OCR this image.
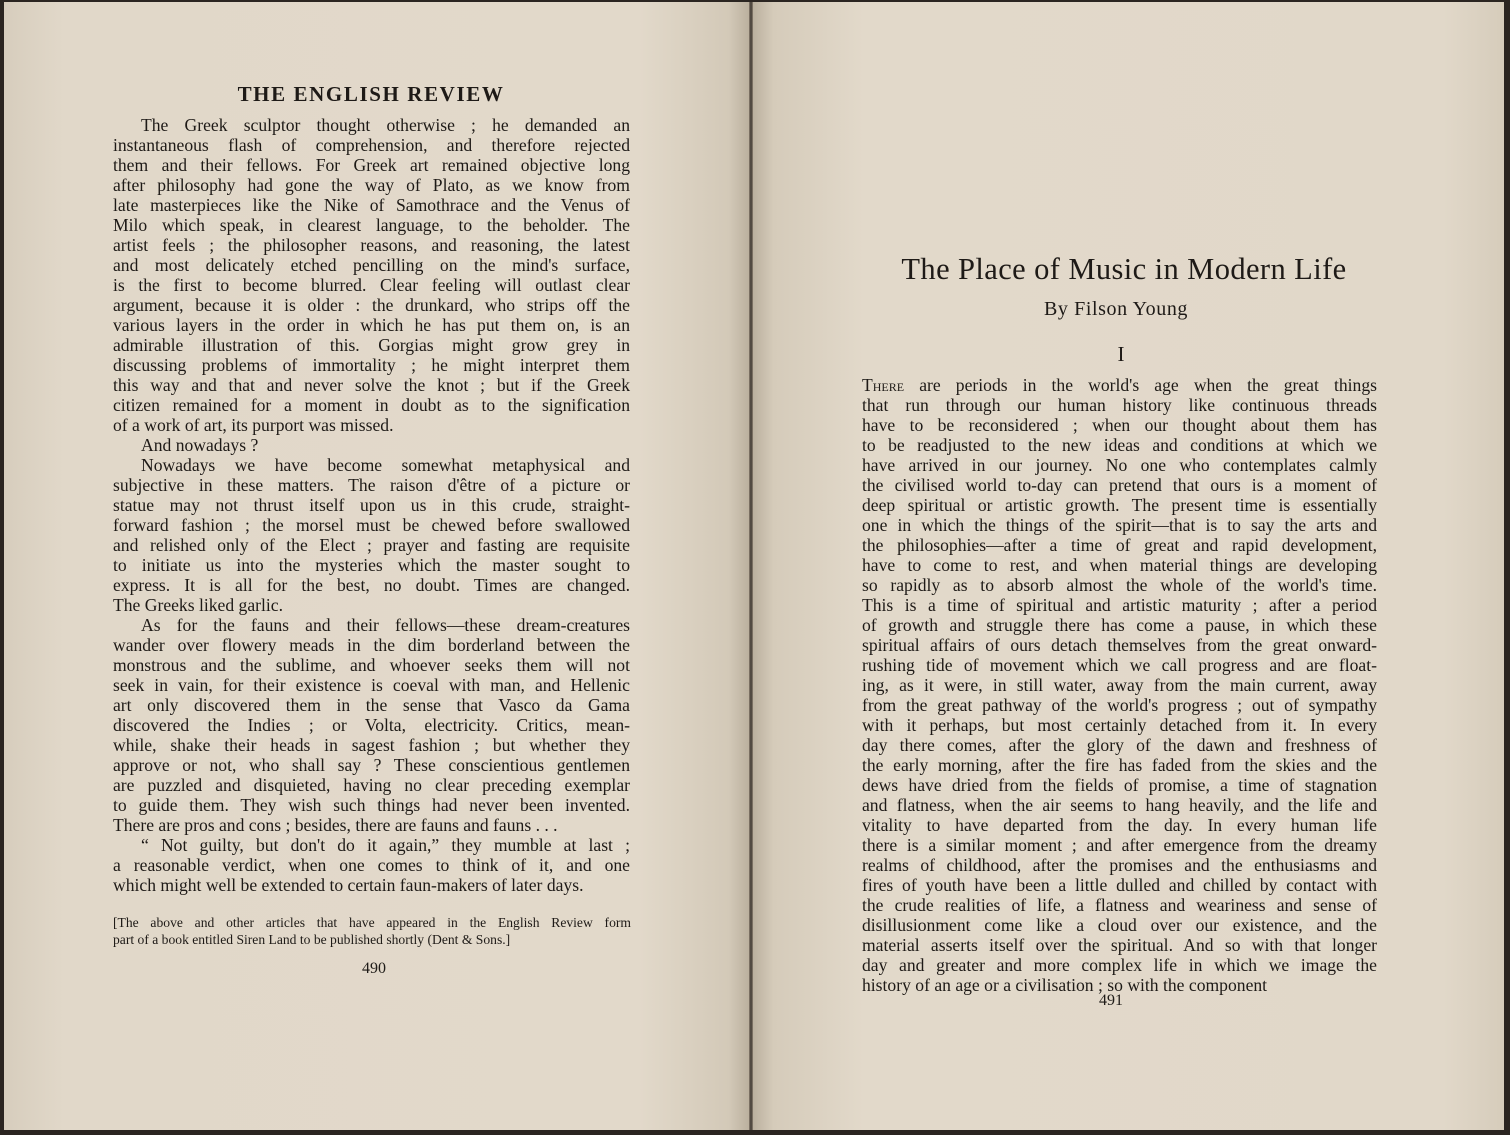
THE ENGLISH REVIEW

The Greek sculptor thought otherwise ; he demanded an
instantaneous flash of comprehension, and therefore rejected
them and their fellows. For Greek art remained objective long
after philosophy had gone the way of Plato, as we know from
late masterpieces like the Nike of Samothrace and the Venus of
Milo which speak, in clearest language, to the beholder. The
artist feels ; the philosopher reasons, and reasoning, the latest
and most delicately etched pencilling on the mind's surface,
is the first to become blurred. Clear feeling will outlast clear
argument, because it is older : the drunkard, who strips off the
various layers in the order in which he has put them on, is an
admirable illustration of this. Gorgias might grow grey in
discussing problems of immortality ; he might interpret them
this way and that and never solve the knot ; but if the Greek
citizen remained for a moment in doubt as to the signification
of a work of art, its purport was missed.

And nowadays ?

Nowadays we have become somewhat metaphysical and
subjective in these matters. The raison d'être of a picture or
statue may not thrust itself upon us in this crude, straight-
forward fashion ; the morsel must be chewed before swallowed
and relished only of the Elect ; prayer and fasting are requisite
to initiate us into the mysteries which the master sought to
express. It is all for the best, no doubt. Times are changed.
The Greeks liked garlic.

As for the fauns and their fellows—these dream-creatures
wander over flowery meads in the dim borderland between the
monstrous and the sublime, and whoever seeks them will not
seek in vain, for their existence is coeval with man, and Hellenic
art only discovered them in the sense that Vasco da Gama
discovered the Indies ; or Volta, electricity. Critics, mean-
while, shake their heads in sagest fashion ; but whether they
approve or not, who shall say ? These conscientious gentlemen
are puzzled and disquieted, having no clear preceding exemplar
to guide them. They wish such things had never been invented.
There are pros and cons ; besides, there are fauns and fauns . . .

“ Not guilty, but don't do it again,” they mumble at last ;
a reasonable verdict, when one comes to think of it, and one
which might well be extended to certain faun-makers of later days.

[The above and other articles that have appeared in the English Review form
part of a book entitled Siren Land to be published shortly (Dent & Sons.]
490
The Place of Music in Modern Life
By Filson Young
I

There are periods in the world's age when the great things
that run through our human history like continuous threads
have to be reconsidered ; when our thought about them has
to be readjusted to the new ideas and conditions at which we
have arrived in our journey. No one who contemplates calmly
the civilised world to-day can pretend that ours is a moment of
deep spiritual or artistic growth. The present time is essentially
one in which the things of the spirit—that is to say the arts and
the philosophies—after a time of great and rapid development,
have to come to rest, and when material things are developing
so rapidly as to absorb almost the whole of the world's time.
This is a time of spiritual and artistic maturity ; after a period
of growth and struggle there has come a pause, in which these
spiritual affairs of ours detach themselves from the great onward-
rushing tide of movement which we call progress and are float-
ing, as it were, in still water, away from the main current, away
from the great pathway of the world's progress ; out of sympathy
with it perhaps, but most certainly detached from it. In every
day there comes, after the glory of the dawn and freshness of
the early morning, after the fire has faded from the skies and the
dews have dried from the fields of promise, a time of stagnation
and flatness, when the air seems to hang heavily, and the life and
vitality to have departed from the day. In every human life
there is a similar moment ; and after emergence from the dreamy
realms of childhood, after the promises and the enthusiasms and
fires of youth have been a little dulled and chilled by contact with
the crude realities of life, a flatness and weariness and sense of
disillusionment come like a cloud over our existence, and the
material asserts itself over the spiritual. And so with that longer
day and greater and more complex life in which we image the
history of an age or a civilisation ; so with the component

491
